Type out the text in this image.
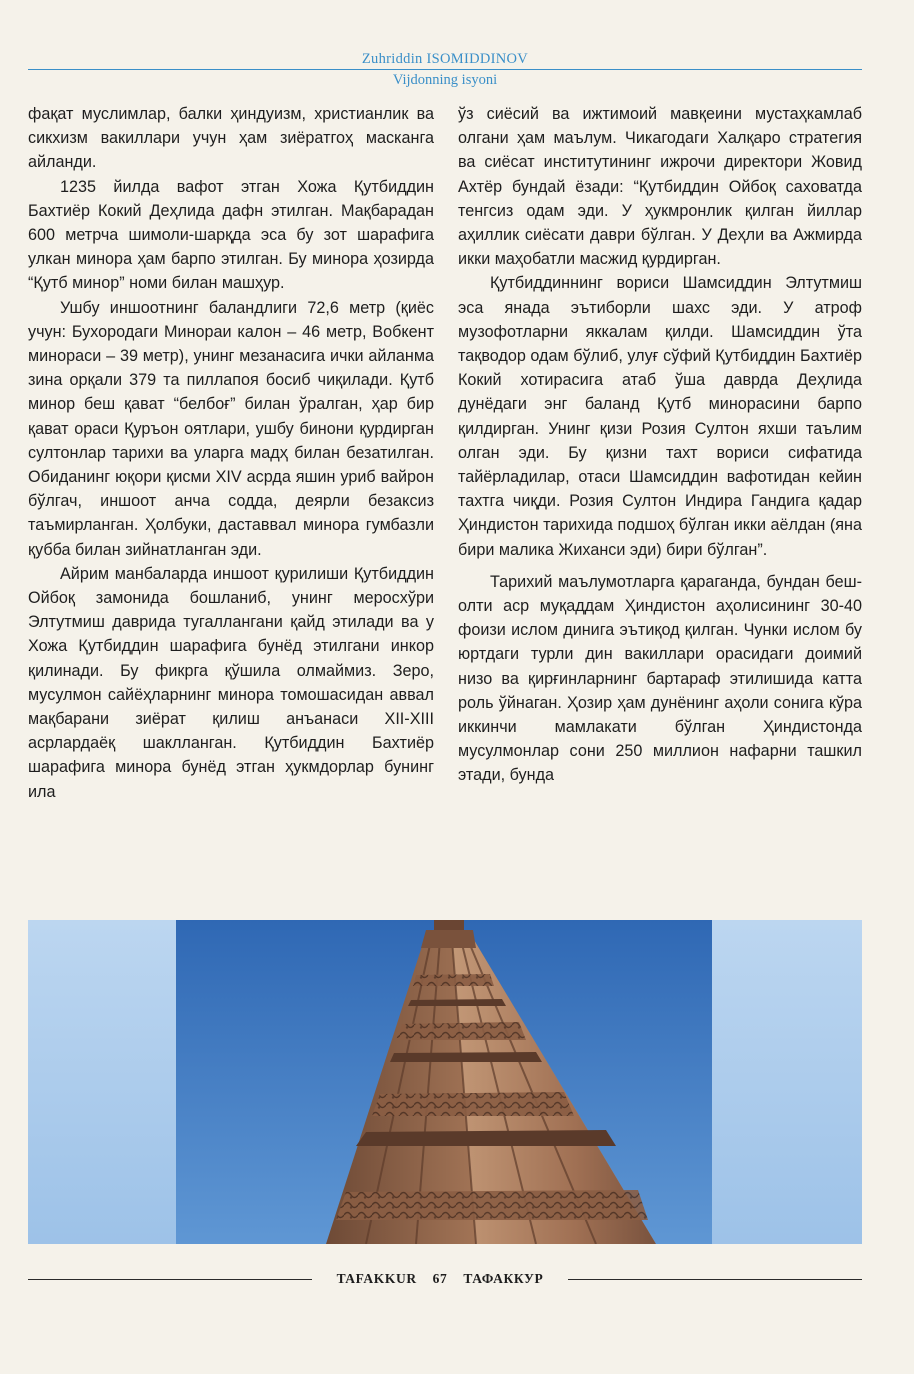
Zuhriddin ISOMIDDINOV
Vijdonning isyoni

фақат муслимлар, балки ҳиндуизм, христианлик ва сикхизм вакиллари учун ҳам зиёратгоҳ масканга айланди.

1235 йилда вафот этган Хожа Қутбиддин Бахтиёр Кокий Деҳлида дафн этилган. Мақбарадан 600 метрча шимоли-шарқда эса бу зот шарафига улкан минора ҳам барпо этилган. Бу минора ҳозирда “Қутб минор” номи билан машҳур.

Ушбу иншоотнинг баландлиги 72,6 метр (қиёс учун: Бухородаги Минораи калон – 46 метр, Вобкент минораси – 39 метр), унинг мезанасига ички айланма зина орқали 379 та пиллапоя босиб чиқилади. Қутб минор беш қават “белбоғ” билан ўралган, ҳар бир қават ораси Қуръон оятлари, ушбу бинони қурдирган султонлар тарихи ва уларга мадҳ билан безатилган. Обиданинг юқори қисми XIV асрда яшин уриб вайрон бўлгач, иншоот анча содда, деярли безаксиз таъмирланган. Ҳолбуки, даставвал минора гумбазли қубба билан зийнатланган эди.

Айрим манбаларда иншоот қурилиши Қутбиддин Ойбоқ замонида бошланиб, унинг меросхўри Элтутмиш даврида тугаллангани қайд этилади ва у Хожа Қутбиддин шарафига бунёд этилгани инкор қилинади. Бу фикрга қўшила олмаймиз. Зеро, мусулмон сайёҳларнинг минора томошасидан аввал мақбарани зиёрат қилиш анъанаси XII-XIII асрлардаёқ шаклланган. Қутбиддин Бахтиёр шарафига минора бунёд этган ҳукмдорлар бунинг ила

ўз сиёсий ва ижтимоий мавқеини мустаҳкамлаб олгани ҳам маълум. Чикагодаги Халқаро стратегия ва сиёсат институтининг ижрочи директори Жовид Ахтёр бундай ёзади: “Қутбиддин Ойбоқ саховатда тенгсиз одам эди. У ҳукмронлик қилган йиллар аҳиллик сиёсати даври бўлган. У Деҳли ва Ажмирда икки маҳобатли масжид қурдирган.

Қутбиддиннинг вориси Шамсиддин Элтутмиш эса янада эътиборли шахс эди. У атроф музофотларни яккалам қилди. Шамсиддин ўта тақводор одам бўлиб, улуғ сўфий Қутбиддин Бахтиёр Кокий хотирасига атаб ўша даврда Деҳлида дунёдаги энг баланд Қутб минорасини барпо қилдирган. Унинг қизи Розия Султон яхши таълим олган эди. Бу қизни тахт вориси сифатида тайёрладилар, отаси Шамсиддин вафотидан кейин тахтга чиқди. Розия Султон Индира Гандига қадар Ҳиндистон тарихида подшоҳ бўлган икки аёлдан (яна бири малика Жиханси эди) бири бўлган”.

Тарихий маълумотларга қараганда, бундан беш-олти аср муқаддам Ҳиндистон аҳолисининг 30-40 фоизи ислом динига эътиқод қилган. Чунки ислом бу юртдаги турли дин вакиллари орасидаги доимий низо ва қирғинларнинг бартараф этилишида катта роль ўйнаган. Ҳозир ҳам дунёнинг аҳоли сонига кўра иккинчи мамлакати бўлган Ҳиндистонда мусулмонлар сони 250 миллион нафарни ташкил этади, бунда

TAFAKKUR 67 ТАФАККУР
